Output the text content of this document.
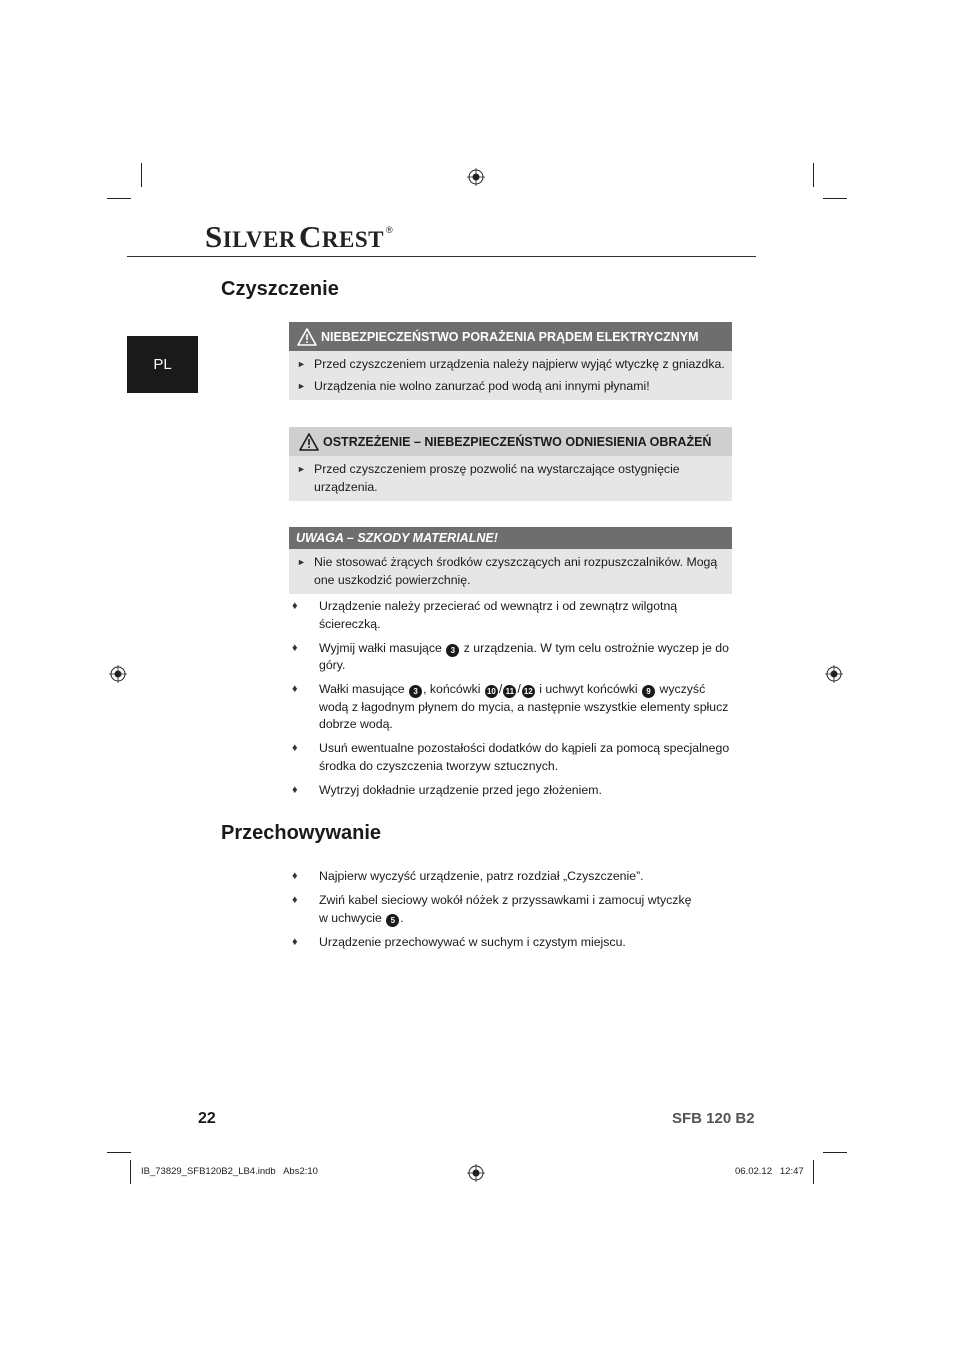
S ILVER C REST ®
PL
Czyszczenie
NIEBEZPIECZEŃSTWO PORAŻENIA PRĄDEM ELEKTRYCZNYM
► Przed czyszczeniem urządzenia należy najpierw wyjąć wtyczkę z gniazdka.
► Urządzenia nie wolno zanurzać pod wodą ani innymi płynami!
OSTRZEŻENIE – NIEBEZPIECZEŃSTWO ODNIESIENIA OBRAŻEŃ
► Przed czyszczeniem proszę pozwolić na wystarczające ostygnięcie urządzenia.
UWAGA – SZKODY MATERIALNE!
► Nie stosować żrących środków czyszczących ani rozpuszczalników. Mogą one uszkodzić powierzchnię.
♦	Urządzenie należy przecierać od wewnątrz i od zewnątrz wilgotną ściereczką.
♦	Wyjmij wałki masujące 3 z urządzenia. W tym celu ostrożnie wyczep je do góry.
♦	Wałki masujące 3 , końcówki 10 / 11 / 12 i uchwyt końcówki 9 wyczyść wodą z łagodnym płynem do mycia, a następnie wszystkie elementy spłucz dobrze wodą.
♦	Usuń ewentualne pozostałości dodatków do kąpieli za pomocą specjalnego środka do czyszczenia tworzyw sztucznych.
♦	Wytrzyj dokładnie urządzenie przed jego złożeniem.
Przechowywanie
♦	Najpierw wyczyść urządzenie, patrz rozdział „Czyszczenie”.
♦	Zwiń kabel sieciowy wokół nóżek z przyssawkami i zamocuj wtyczkę w uchwycie 5 .
♦	Urządzenie przechowywać w suchym i czystym miejscu.
22	SFB 120 B2
IB_73829_SFB120B2_LB4.indb   Abs2:10	06.02.12   12:47
